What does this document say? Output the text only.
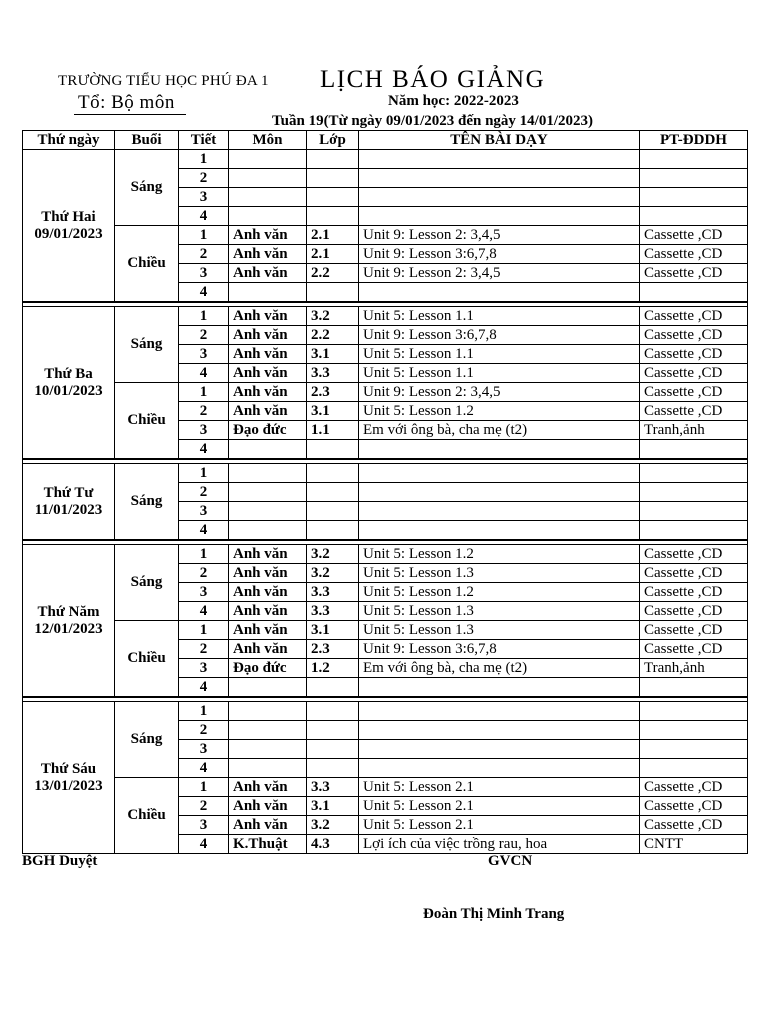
TRƯỜNG TIỂU HỌC PHÚ ĐA 1
Tổ: Bộ môn
LỊCH BÁO GIẢNG
Năm học: 2022-2023
Tuần 19(Từ ngày 09/01/2023 đến ngày 14/01/2023)
Thứ ngày	Buổi	Tiết	Môn	Lớp	TÊN BÀI DẠY	PT-ĐDDH

Thứ Hai
09/01/2023	Sáng	1				
		2				
		3				
		4				
	Chiều	1	Anh văn	2.1	Unit 9: Lesson 2: 3,4,5	Cassette ,CD
		2	Anh văn	2.1	Unit 9: Lesson 3:6,7,8	Cassette ,CD
		3	Anh văn	2.2	Unit 9: Lesson 2: 3,4,5	Cassette ,CD
		4				

Thứ Ba
10/01/2023	Sáng	1	Anh văn	3.2	Unit 5: Lesson 1.1	Cassette ,CD
		2	Anh văn	2.2	Unit 9: Lesson 3:6,7,8	Cassette ,CD
		3	Anh văn	3.1	Unit 5: Lesson 1.1	Cassette ,CD
		4	Anh văn	3.3	Unit 5: Lesson 1.1	Cassette ,CD
	Chiều	1	Anh văn	2.3	Unit 9: Lesson 2: 3,4,5	Cassette ,CD
		2	Anh văn	3.1	Unit 5: Lesson 1.2	Cassette ,CD
		3	Đạo đức	1.1	Em với ông bà, cha mẹ (t2)	Tranh,ảnh
		4				

Thứ Tư
11/01/2023	Sáng	1				
		2				
		3				
		4				

Thứ Năm
12/01/2023	Sáng	1	Anh văn	3.2	Unit 5: Lesson 1.2	Cassette ,CD
		2	Anh văn	3.2	Unit 5: Lesson 1.3	Cassette ,CD
		3	Anh văn	3.3	Unit 5: Lesson 1.2	Cassette ,CD
		4	Anh văn	3.3	Unit 5: Lesson 1.3	Cassette ,CD
	Chiều	1	Anh văn	3.1	Unit 5: Lesson 1.3	Cassette ,CD
		2	Anh văn	2.3	Unit 9: Lesson 3:6,7,8	Cassette ,CD
		3	Đạo đức	1.2	Em với ông bà, cha mẹ (t2)	Tranh,ảnh
		4				

Thứ Sáu
13/01/2023	Sáng	1				
		2				
		3				
		4				
	Chiều	1	Anh văn	3.3	Unit 5: Lesson 2.1	Cassette ,CD
		2	Anh văn	3.1	Unit 5: Lesson 2.1	Cassette ,CD
		3	Anh văn	3.2	Unit 5: Lesson 2.1	Cassette ,CD
		4	K.Thuật	4.3	Lợi ích của việc trồng rau, hoa	CNTT
BGH Duyệt	GVCN
Đoàn Thị Minh Trang
